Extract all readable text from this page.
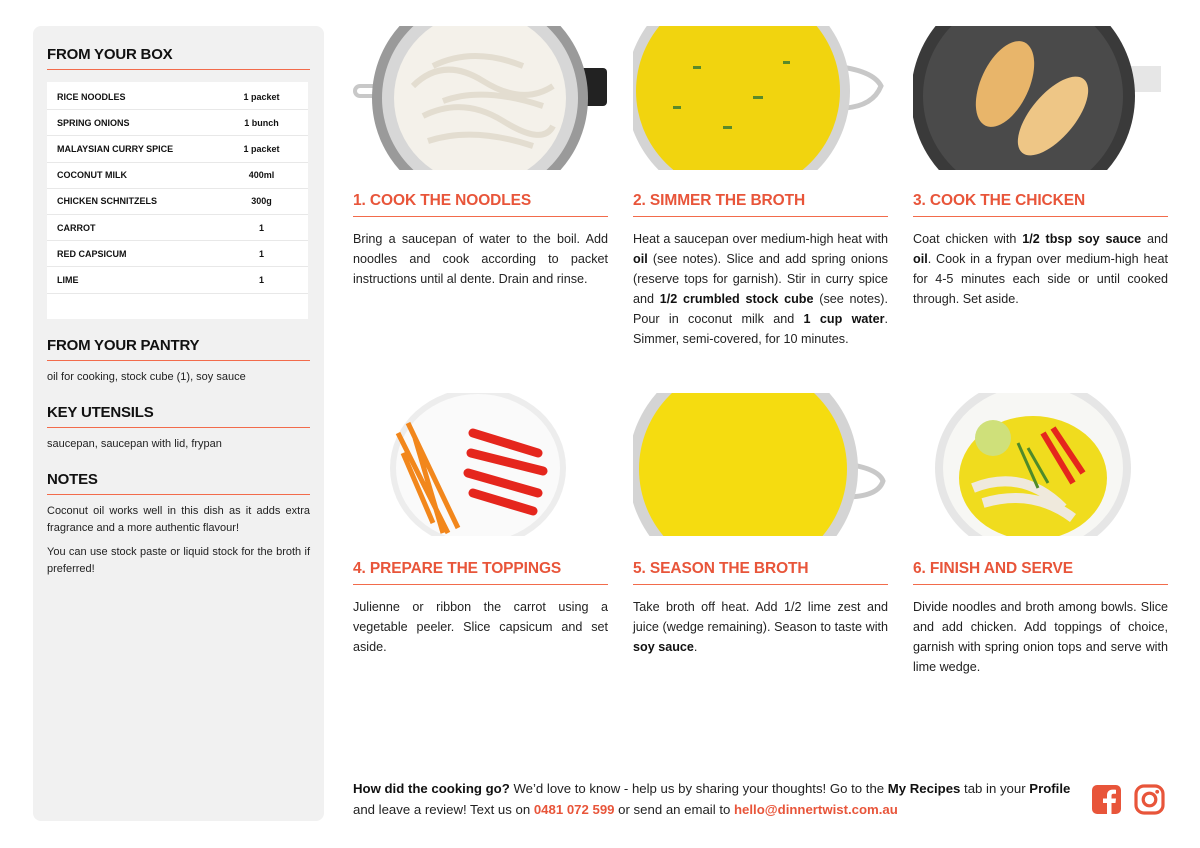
FROM YOUR BOX
RICE NOODLES	1 packet
SPRING ONIONS	1 bunch
MALAYSIAN CURRY SPICE	1 packet
COCONUT MILK	400ml
CHICKEN SCHNITZELS	300g
CARROT	1
RED CAPSICUM	1
LIME	1
FROM YOUR PANTRY
oil for cooking, stock cube (1), soy sauce
KEY UTENSILS
saucepan, saucepan with lid, frypan
NOTES

Coconut oil works well in this dish as it adds extra fragrance and a more authentic flavour!

You can use stock paste or liquid stock for the broth if preferred!

1. COOK THE NOODLES
Bring a saucepan of water to the boil. Add noodles and cook according to packet instructions until al dente. Drain and rinse.
2. SIMMER THE BROTH
Heat a saucepan over medium-high heat with oil (see notes). Slice and add spring onions (reserve tops for garnish). Stir in curry spice and 1/2 crumbled stock cube (see notes). Pour in coconut milk and 1 cup water. Simmer, semi-covered, for 10 minutes.
3. COOK THE CHICKEN
Coat chicken with 1/2 tbsp soy sauce and oil. Cook in a frypan over medium-high heat for 4-5 minutes each side or until cooked through. Set aside.
4. PREPARE THE TOPPINGS
Julienne or ribbon the carrot using a vegetable peeler. Slice capsicum and set aside.
5. SEASON THE BROTH
Take broth off heat. Add 1/2 lime zest and juice (wedge remaining). Season to taste with soy sauce.
6. FINISH AND SERVE
Divide noodles and broth among bowls. Slice and add chicken. Add toppings of choice, garnish with spring onion tops and serve with lime wedge.
How did the cooking go? We’d love to know - help us by sharing your thoughts! Go to the My Recipes tab in your Profile and leave a review! Text us on 0481 072 599 or send an email to hello@dinnertwist.com.au
